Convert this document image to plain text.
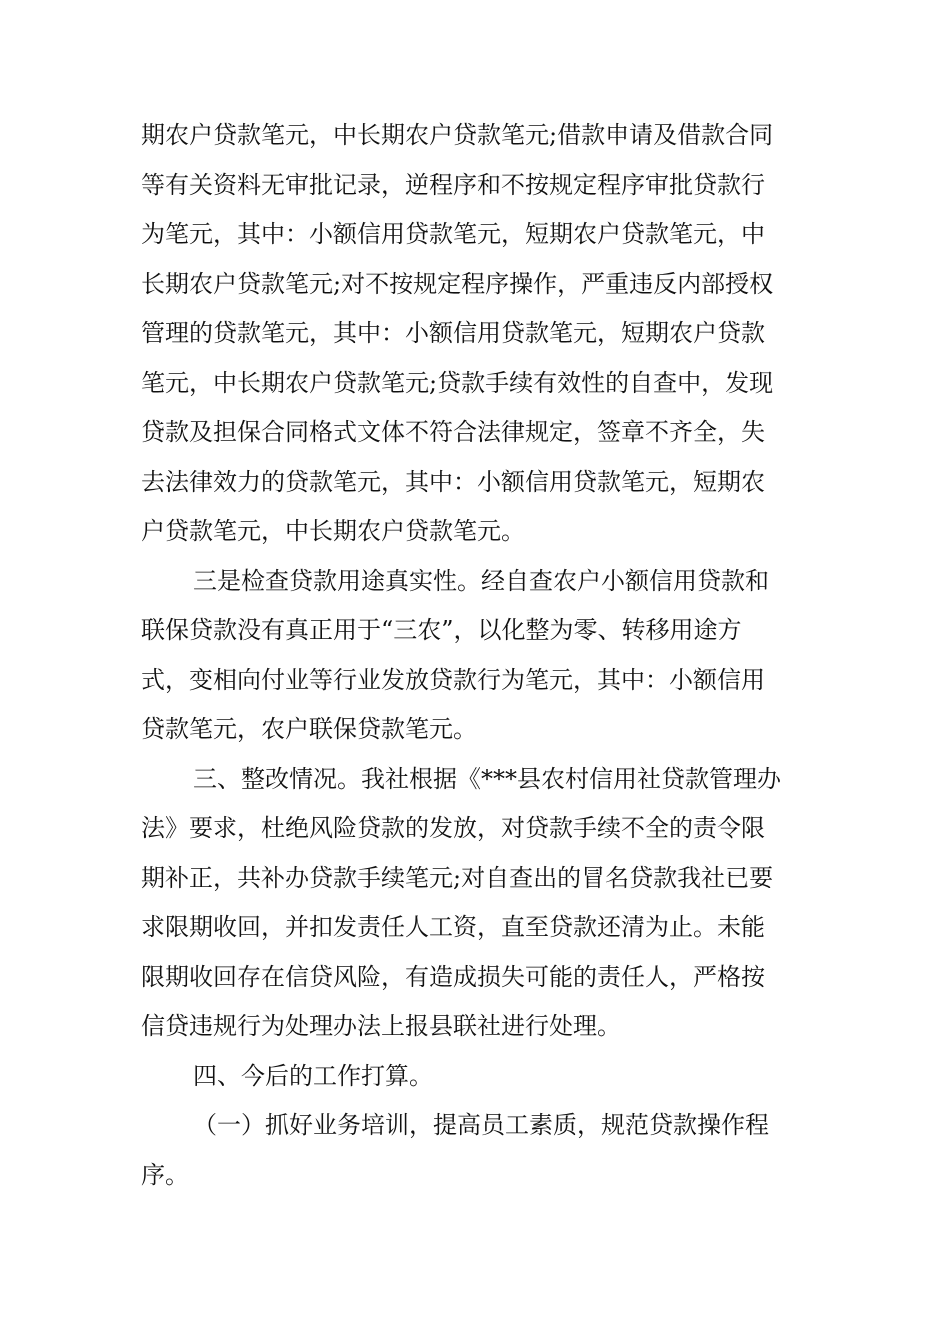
期农户贷款笔元，中长期农户贷款笔元;借款申请及借款合同
等有关资料无审批记录，逆程序和不按规定程序审批贷款行
为笔元，其中：小额信用贷款笔元，短期农户贷款笔元，中
长期农户贷款笔元;对不按规定程序操作，严重违反内部授权
管理的贷款笔元，其中：小额信用贷款笔元，短期农户贷款
笔元，中长期农户贷款笔元;贷款手续有效性的自查中，发现
贷款及担保合同格式文体不符合法律规定，签章不齐全，失
去法律效力的贷款笔元，其中：小额信用贷款笔元，短期农
户贷款笔元，中长期农户贷款笔元。
三是检查贷款用途真实性。经自查农户小额信用贷款和
联保贷款没有真正用于“三农”，以化整为零、转移用途方
式，变相向付业等行业发放贷款行为笔元，其中：小额信用
贷款笔元，农户联保贷款笔元。
三、整改情况。我社根据《***县农村信用社贷款管理办
法》要求，杜绝风险贷款的发放，对贷款手续不全的责令限
期补正，共补办贷款手续笔元;对自查出的冒名贷款我社已要
求限期收回，并扣发责任人工资，直至贷款还清为止。未能
限期收回存在信贷风险，有造成损失可能的责任人，严格按
信贷违规行为处理办法上报县联社进行处理。
四、今后的工作打算。
（一）抓好业务培训，提高员工素质，规范贷款操作程
序。
